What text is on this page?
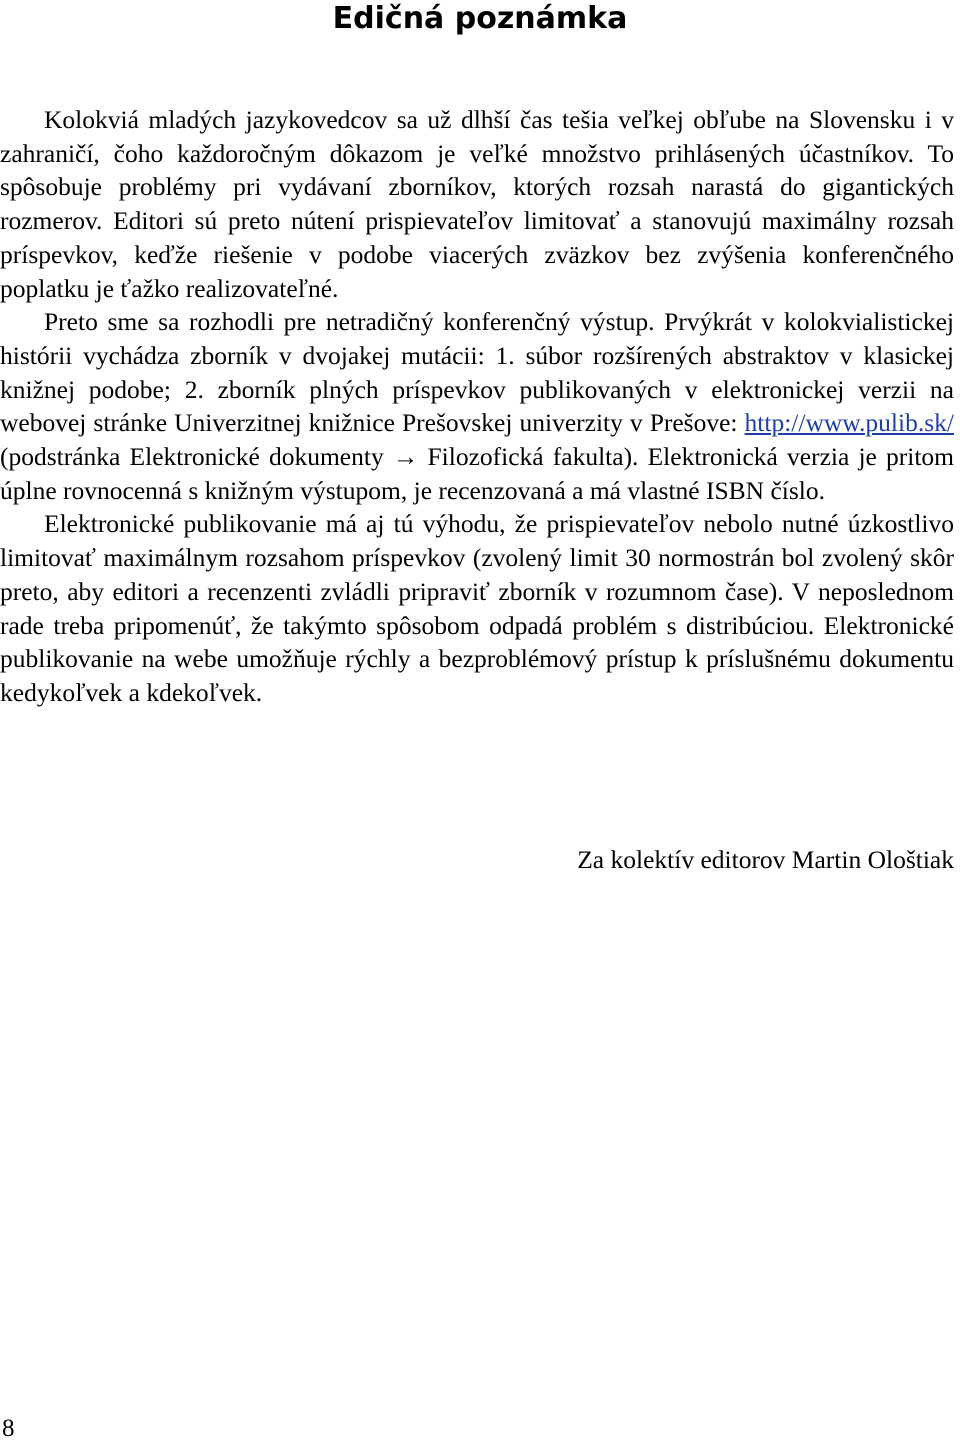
Edičná poznámka

Kolokviá mladých jazykovedcov sa už dlhší čas tešia veľkej obľube na Slovensku i v zahraničí, čoho každoročným dôkazom je veľké množstvo prihlásených účastníkov. To spôsobuje problémy pri vydávaní zborníkov, ktorých rozsah narastá do gigantických rozmerov. Editori sú preto nútení prispievateľov limitovať a stanovujú maximálny rozsah príspevkov, keďže riešenie v podobe viacerých zväzkov bez zvýšenia konferenčného poplatku je ťažko realizovateľné.

Preto sme sa rozhodli pre netradičný konferenčný výstup. Prvýkrát v kolokvialistickej histórii vychádza zborník v dvojakej mutácii: 1. súbor rozšírených abstraktov v klasickej knižnej podobe; 2. zborník plných príspevkov publikovaných v elektronickej verzii na webovej stránke Univerzitnej knižnice Prešovskej univerzity v Prešove: http://www.pulib.sk/ (podstránka Elektronické dokumenty → Filozofická fakulta). Elektronická verzia je pritom úplne rovnocenná s knižným výstupom, je recenzovaná a má vlastné ISBN číslo.

Elektronické publikovanie má aj tú výhodu, že prispievateľov nebolo nutné úzkostlivo limitovať maximálnym rozsahom príspevkov (zvolený limit 30 normostrán bol zvolený skôr preto, aby editori a recenzenti zvládli pripraviť zborník v rozumnom čase). V neposlednom rade treba pripomenúť, že takýmto spôsobom odpadá problém s distribúciou. Elektronické publikovanie na webe umožňuje rýchly a bezproblémový prístup k príslušnému dokumentu kedykoľvek a kdekoľvek.

Za kolektív editorov Martin Ološtiak

8
